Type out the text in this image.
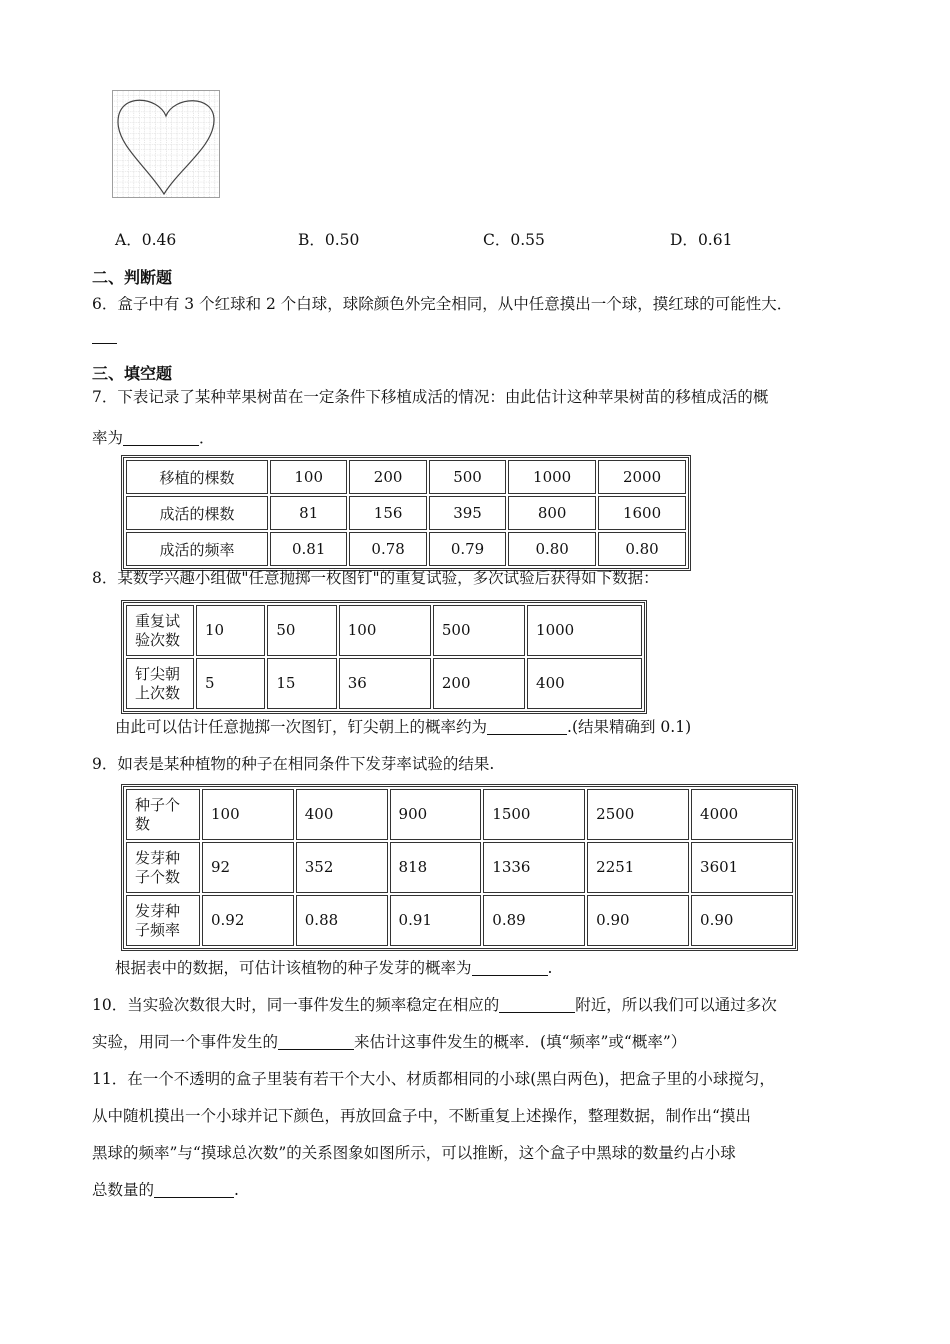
A．0.46	B．0.50	C．0.55	D．0.61
二、判断题
6．盒子中有 3 个红球和 2 个白球，球除颜色外完全相同，从中任意摸出一个球，摸红球的可能性大．
三、填空题
7．下表记录了某种苹果树苗在一定条件下移植成活的情况：由此估计这种苹果树苗的移植成活的概
率为	．
移植的棵数	100	200	500	1000	2000
成活的棵数	81	156	395	800	1600
成活的频率	0.81	0.78	0.79	0.80	0.80
8．某数学兴趣小组做"任意抛掷一枚图钉"的重复试验，多次试验后获得如下数据：
重复试
验次数	10	50	100	500	1000
钉尖朝
上次数	5	15	36	200	400
由此可以估计任意抛掷一次图钉，钉尖朝上的概率约为	.(结果精确到 0.1)
9．如表是某种植物的种子在相同条件下发芽率试验的结果.
种子个
数	100	400	900	1500	2500	4000
发芽种
子个数	92	352	818	1336	2251	3601
发芽种
子频率	0.92	0.88	0.91	0.89	0.90	0.90
根据表中的数据，可估计该植物的种子发芽的概率为	.
10．当实验次数很大时，同一事件发生的频率稳定在相应的	附近，所以我们可以通过多次
实验，用同一个事件发生的	来估计这事件发生的概率．(填“频率”或“概率”）
11．在一个不透明的盒子里装有若干个大小、材质都相同的小球(黑白两色)，把盒子里的小球搅匀，
从中随机摸出一个小球并记下颜色，再放回盒子中，不断重复上述操作，整理数据，制作出“摸出
黑球的频率”与“摸球总次数”的关系图象如图所示，可以推断，这个盒子中黑球的数量约占小球
总数量的	.
